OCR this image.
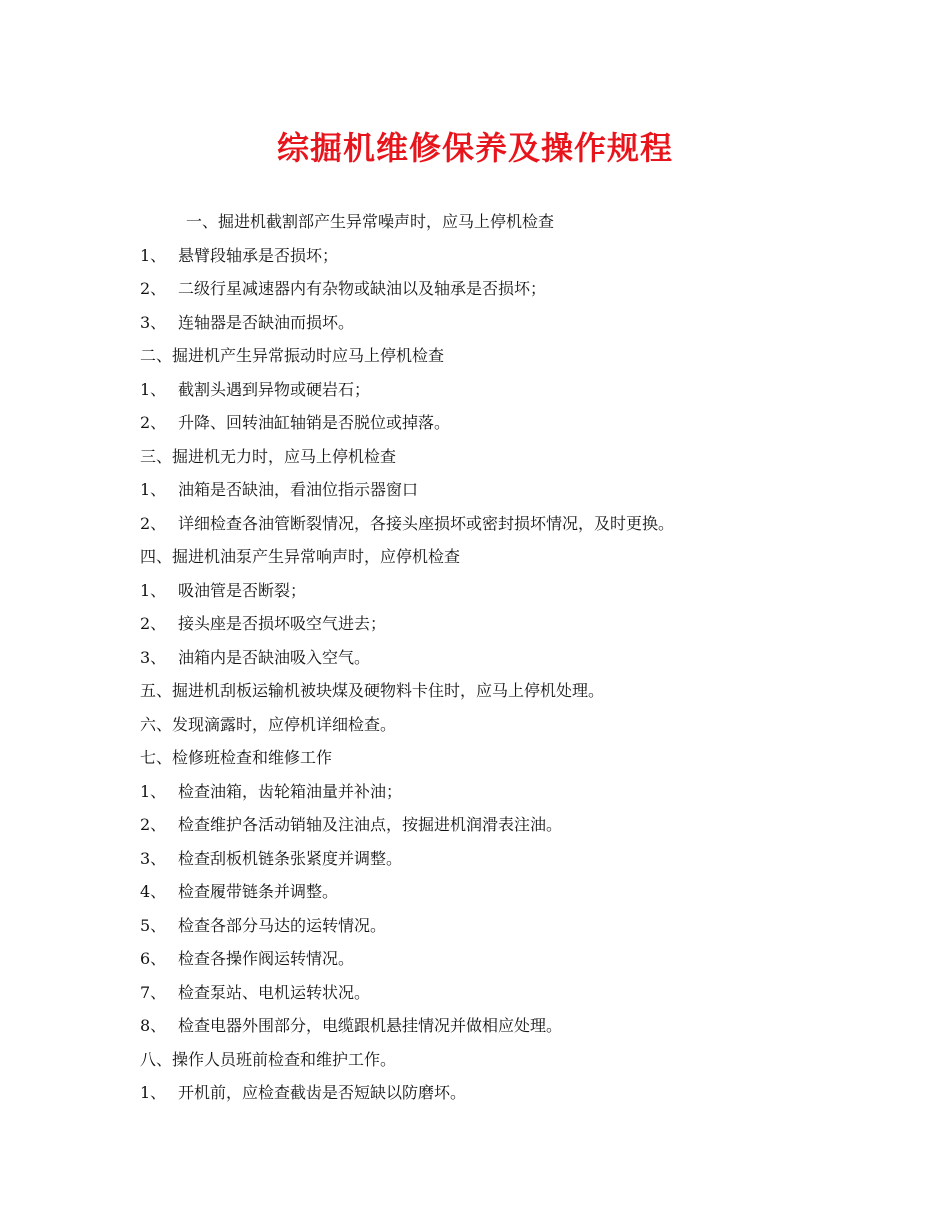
综掘机维修保养及操作规程
一、掘进机截割部产生异常噪声时，应马上停机检查
1、 悬臂段轴承是否损坏；
2、 二级行星减速器内有杂物或缺油以及轴承是否损坏；
3、 连轴器是否缺油而损坏。
二、掘进机产生异常振动时应马上停机检查
1、 截割头遇到异物或硬岩石；
2、 升降、回转油缸轴销是否脱位或掉落。
三、掘进机无力时，应马上停机检查
1、 油箱是否缺油，看油位指示器窗口
2、 详细检查各油管断裂情况，各接头座损坏或密封损坏情况，及时更换。
四、掘进机油泵产生异常响声时，应停机检查
1、 吸油管是否断裂；
2、 接头座是否损坏吸空气进去；
3、 油箱内是否缺油吸入空气。
五、掘进机刮板运输机被块煤及硬物料卡住时，应马上停机处理。
六、发现滴露时，应停机详细检查。
七、检修班检查和维修工作
1、 检查油箱，齿轮箱油量并补油；
2、 检查维护各活动销轴及注油点，按掘进机润滑表注油。
3、 检查刮板机链条张紧度并调整。
4、 检查履带链条并调整。
5、 检查各部分马达的运转情况。
6、 检查各操作阀运转情况。
7、 检查泵站、电机运转状况。
8、 检查电器外围部分，电缆跟机悬挂情况并做相应处理。
八、操作人员班前检查和维护工作。
1、 开机前，应检查截齿是否短缺以防磨坏。
